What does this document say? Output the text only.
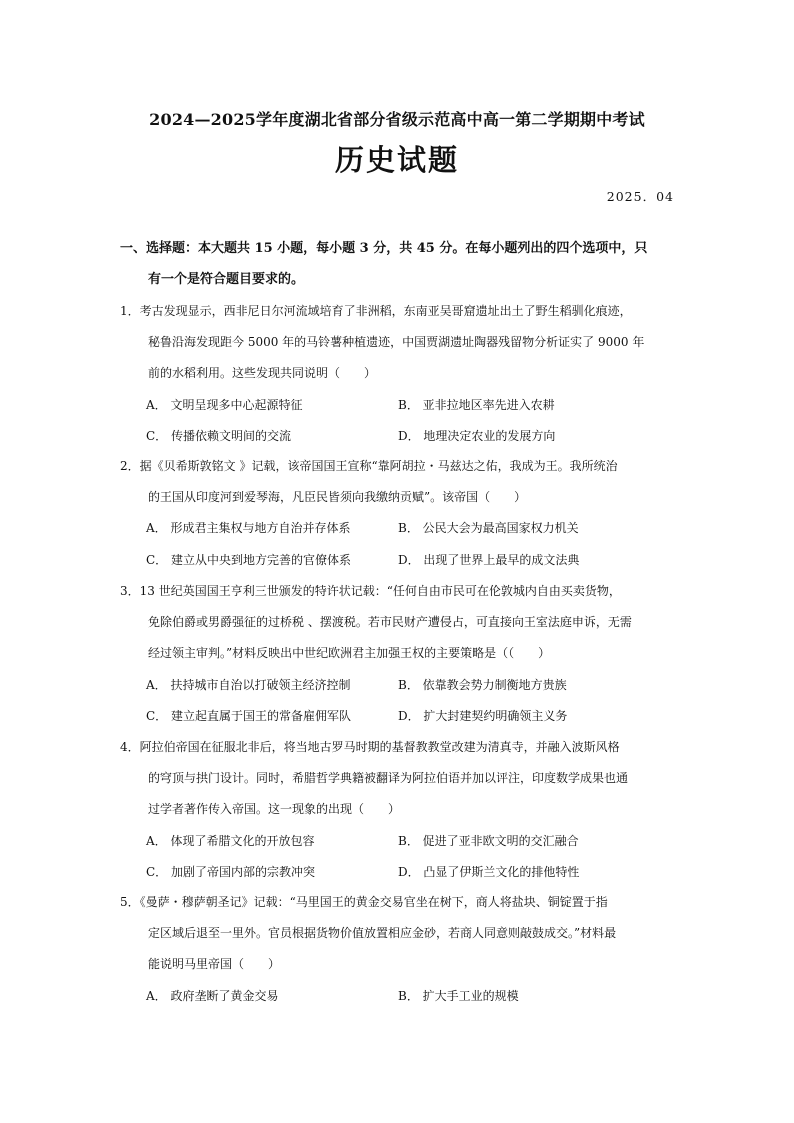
2024—2025学年度湖北省部分省级示范高中高一第二学期期中考试
历史试题
2025．04
一、选择题：本大题共 15 小题，每小题 3 分，共 45 分。在每小题列出的四个选项中，只
有一个是符合题目要求的。
1．考古发现显示，西非尼日尔河流域培育了非洲稻，东南亚吴哥窟遗址出土了野生稻驯化痕迹，
秘鲁沿海发现距今 5000 年的马铃薯种植遗迹，中国贾湖遗址陶器残留物分析证实了 9000 年
前的水稻利用。这些发现共同说明（　　）
A． 文明呈现多中心起源特征	B． 亚非拉地区率先进入农耕
C． 传播依赖文明间的交流	D． 地理决定农业的发展方向
2．据《贝希斯敦铭文 》记载，该帝国国王宣称“靠阿胡拉・马兹达之佑，我成为王。我所统治
的王国从印度河到爱琴海，凡臣民皆须向我缴纳贡赋”。该帝国（　　）
A． 形成君主集权与地方自治并存体系	B． 公民大会为最高国家权力机关
C． 建立从中央到地方完善的官僚体系	D． 出现了世界上最早的成文法典
3．13 世纪英国国王亨利三世颁发的特许状记载：“任何自由市民可在伦敦城内自由买卖货物，
免除伯爵或男爵强征的过桥税 、摆渡税。若市民财产遭侵占，可直接向王室法庭申诉，无需
经过领主审判。”材料反映出中世纪欧洲君主加强王权的主要策略是（（　　）
A． 扶持城市自治以打破领主经济控制	B． 依靠教会势力制衡地方贵族
C． 建立起直属于国王的常备雇佣军队	D． 扩大封建契约明确领主义务
4．阿拉伯帝国在征服北非后，将当地古罗马时期的基督教教堂改建为清真寺，并融入波斯风格
的穹顶与拱门设计。同时，希腊哲学典籍被翻译为阿拉伯语并加以评注，印度数学成果也通
过学者著作传入帝国。这一现象的出现（　　）
A． 体现了希腊文化的开放包容	B． 促进了亚非欧文明的交汇融合
C． 加剧了帝国内部的宗教冲突	D． 凸显了伊斯兰文化的排他特性
5．《曼萨・穆萨朝圣记》记载：“马里国王的黄金交易官坐在树下，商人将盐块、铜锭置于指
定区域后退至一里外。官员根据货物价值放置相应金砂，若商人同意则敲鼓成交。”材料最
能说明马里帝国（　　）
A． 政府垄断了黄金交易	B． 扩大手工业的规模
